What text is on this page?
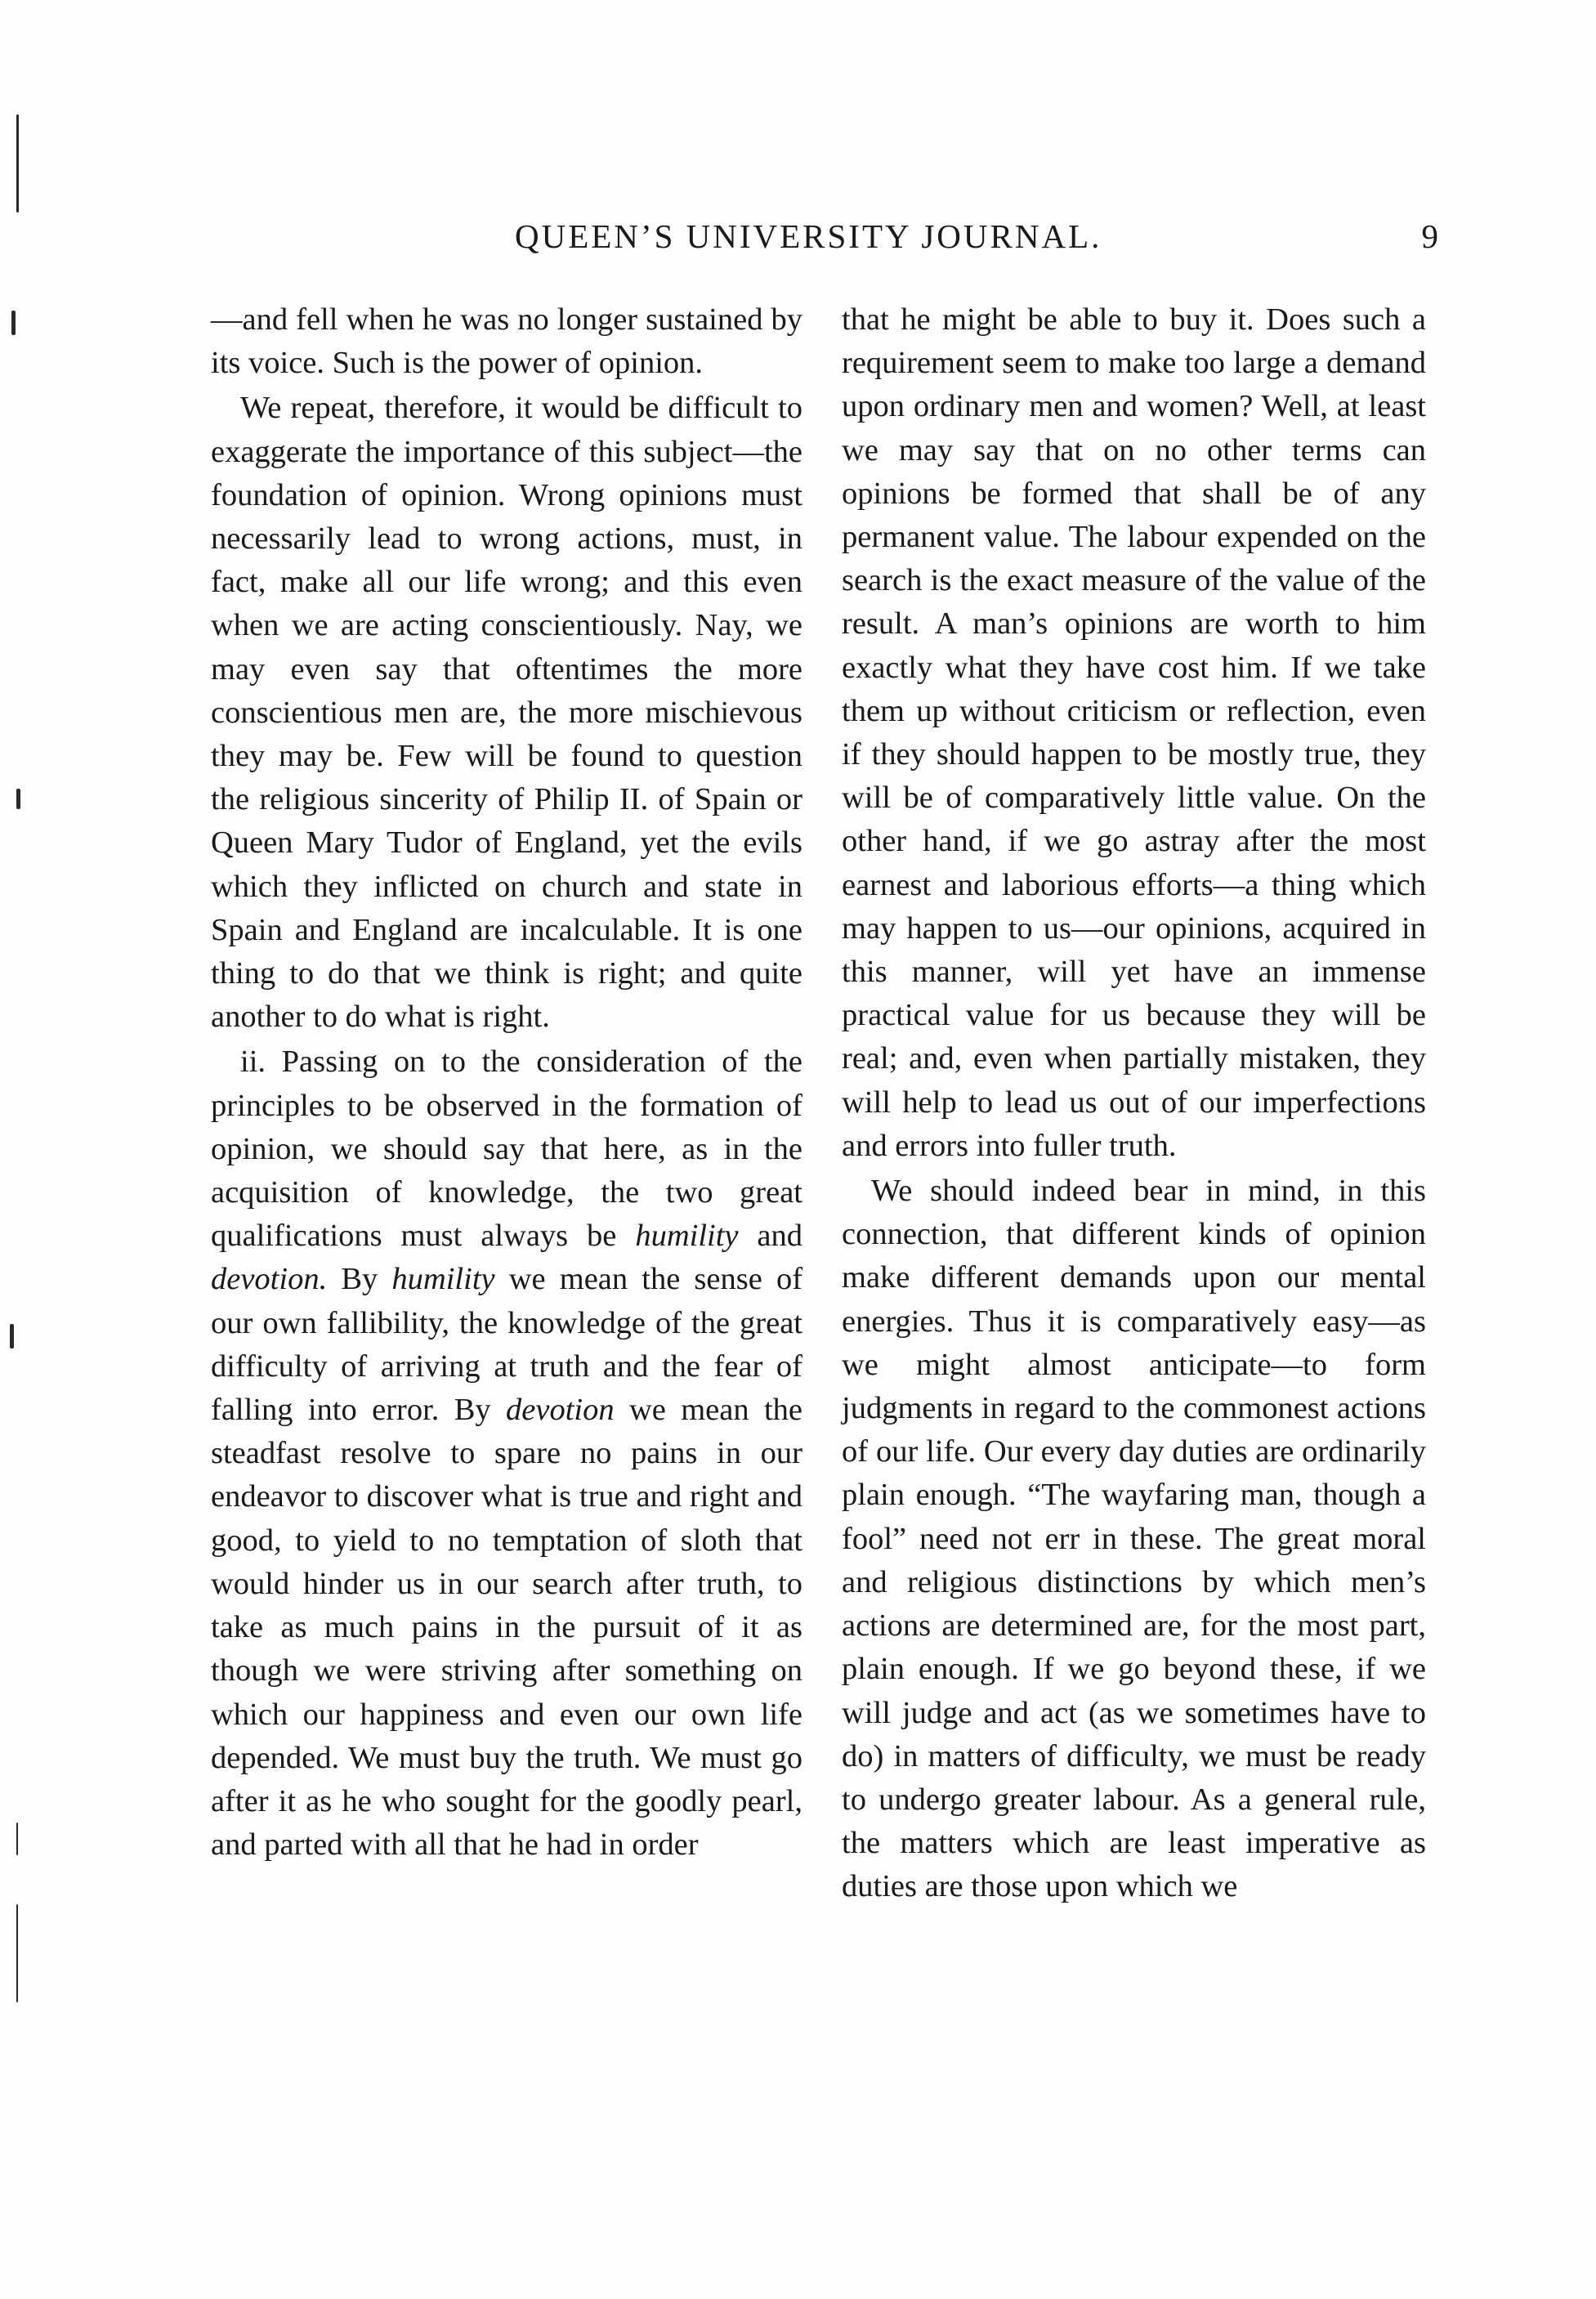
QUEEN’S UNIVERSITY JOURNAL.	9

—and fell when he was no longer sustained by its voice. Such is the power of opinion.

We repeat, therefore, it would be difficult to exaggerate the importance of this subject—the foundation of opinion. Wrong opinions must necessarily lead to wrong actions, must, in fact, make all our life wrong; and this even when we are acting conscientiously. Nay, we may even say that oftentimes the more conscientious men are, the more mischievous they may be. Few will be found to question the religious sincerity of Philip II. of Spain or Queen Mary Tudor of England, yet the evils which they inflicted on church and state in Spain and England are incalculable. It is one thing to do that we think is right; and quite another to do what is right.

ii. Passing on to the consideration of the principles to be observed in the formation of opinion, we should say that here, as in the acquisition of knowledge, the two great qualifications must always be humility and devotion. By humility we mean the sense of our own fallibility, the knowledge of the great difficulty of arriving at truth and the fear of falling into error. By devotion we mean the steadfast resolve to spare no pains in our endeavor to discover what is true and right and good, to yield to no temptation of sloth that would hinder us in our search after truth, to take as much pains in the pursuit of it as though we were striving after something on which our happiness and even our own life depended. We must buy the truth. We must go after it as he who sought for the goodly pearl, and parted with all that he had in order

that he might be able to buy it. Does such a requirement seem to make too large a demand upon ordinary men and women? Well, at least we may say that on no other terms can opinions be formed that shall be of any permanent value. The labour expended on the search is the exact measure of the value of the result. A man’s opinions are worth to him exactly what they have cost him. If we take them up without criticism or reflection, even if they should happen to be mostly true, they will be of comparatively little value. On the other hand, if we go astray after the most earnest and laborious efforts—a thing which may happen to us—our opinions, acquired in this manner, will yet have an immense practical value for us because they will be real; and, even when partially mistaken, they will help to lead us out of our imperfections and errors into fuller truth.

We should indeed bear in mind, in this connection, that different kinds of opinion make different demands upon our mental energies. Thus it is comparatively easy—as we might almost anticipate—to form judgments in regard to the commonest actions of our life. Our every day duties are ordinarily plain enough. “The wayfaring man, though a fool” need not err in these. The great moral and religious distinctions by which men’s actions are determined are, for the most part, plain enough. If we go beyond these, if we will judge and act (as we sometimes have to do) in matters of difficulty, we must be ready to undergo greater labour. As a general rule, the matters which are least imperative as duties are those upon which we
